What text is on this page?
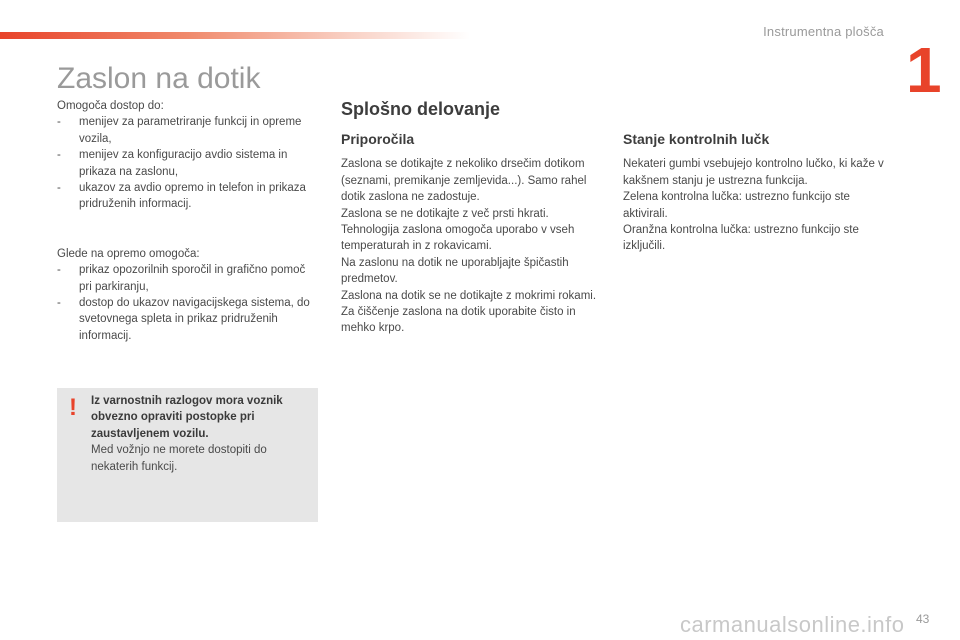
Instrumentna plošča
1
Zaslon na dotik

Omogoča dostop do:

- menijev za parametriranje funkcij in opreme vozila,
- menijev za konfiguracijo avdio sistema in prikaza na zaslonu,
- ukazov za avdio opremo in telefon in prikaza pridruženih informacij.

Glede na opremo omogoča:

- prikaz opozorilnih sporočil in grafično pomoč pri parkiranju,
- dostop do ukazov navigacijskega sistema, do svetovnega spleta in prikaz pridruženih informacij.
! Iz varnostnih razlogov mora voznik obvezno opraviti postopke pri zaustavljenem vozilu.

Med vožnjo ne morete dostopiti do nekaterih funkcij.

Splošno delovanje
Priporočila

Zaslona se dotikajte z nekoliko drsečim dotikom (seznami, premikanje zemljevida...). Samo rahel dotik zaslona ne zadostuje.

Zaslona se ne dotikajte z več prsti hkrati.

Tehnologija zaslona omogoča uporabo v vseh temperaturah in z rokavicami.

Na zaslonu na dotik ne uporabljajte špičastih predmetov.

Zaslona na dotik se ne dotikajte z mokrimi rokami.

Za čiščenje zaslona na dotik uporabite čisto in mehko krpo.

Stanje kontrolnih lučk

Nekateri gumbi vsebujejo kontrolno lučko, ki kaže v kakšnem stanju je ustrezna funkcija.

Zelena kontrolna lučka: ustrezno funkcijo ste aktivirali.

Oranžna kontrolna lučka: ustrezno funkcijo ste izključili.

carmanualsonline.info 43
